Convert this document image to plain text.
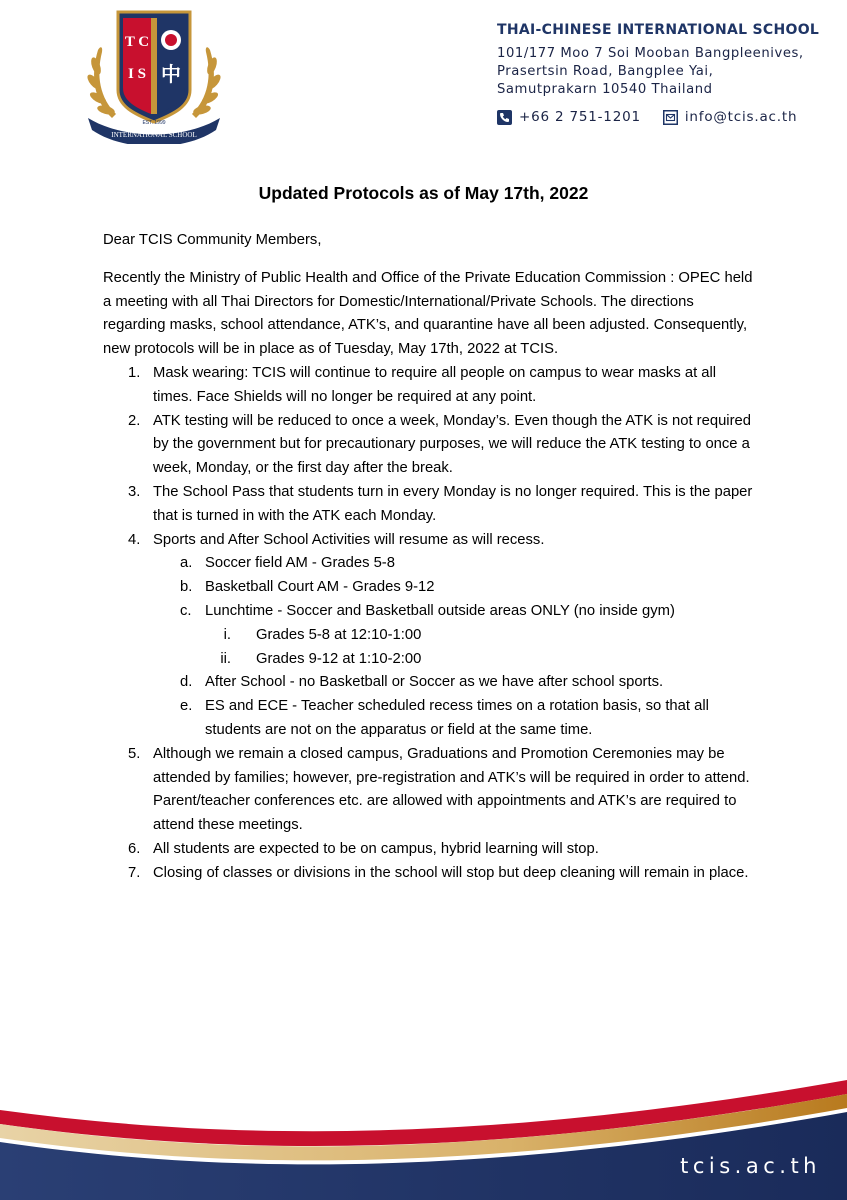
T C
I S 中
INTERNATIONAL SCHOOL
EST. 1999
THAI-CHINESE INTERNATIONAL SCHOOL
101/177 Moo 7 Soi Mooban Bangpleenives,
Prasertsin Road, Bangplee Yai,
Samutprakarn 10540 Thailand
+66 2 751-1201	info@tcis.ac.th
Updated Protocols as of May 17th, 2022

Dear TCIS Community Members,

Recently the Ministry of Public Health and Office of the Private Education Commission : OPEC held a meeting with all Thai Directors for Domestic/International/Private Schools. The directions regarding masks, school attendance, ATK’s, and quarantine have all been adjusted. Consequently, new protocols will be in place as of Tuesday, May 17th, 2022 at TCIS.

1. Mask wearing: TCIS will continue to require all people on campus to wear masks at all times. Face Shields will no longer be required at any point.
2. ATK testing will be reduced to once a week, Monday’s. Even though the ATK is not required by the government but for precautionary purposes, we will reduce the ATK testing to once a week, Monday, or the first day after the break.
3. The School Pass that students turn in every Monday is no longer required. This is the paper that is turned in with the ATK each Monday.
4. Sports and After School Activities will resume as will recess.
a. Soccer field AM - Grades 5-8
b. Basketball Court AM - Grades 9-12
c. Lunchtime - Soccer and Basketball outside areas ONLY (no inside gym)
i. Grades 5-8 at 12:10-1:00
ii. Grades 9-12 at 1:10-2:00
d. After School - no Basketball or Soccer as we have after school sports.
e. ES and ECE - Teacher scheduled recess times on a rotation basis, so that all students are not on the apparatus or field at the same time.
5. Although we remain a closed campus, Graduations and Promotion Ceremonies may be attended by families; however, pre-registration and ATK’s will be required in order to attend. Parent/teacher conferences etc. are allowed with appointments and ATK’s are required to attend these meetings.
6. All students are expected to be on campus, hybrid learning will stop.
7. Closing of classes or divisions in the school will stop but deep cleaning will remain in place.
tcis.ac.th
